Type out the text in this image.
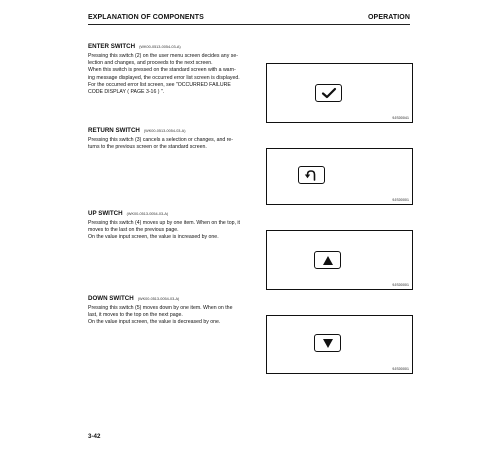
EXPLANATION OF COMPONENTS	OPERATION
ENTER SWITCH (WK00-0513-0054-03-A)
Pressing this switch (2) on the user menu screen decides any se-
lection and changes, and proceeds to the next screen.
When this switch is pressed on the standard screen with a warn-
ing message displayed, the occurred error list screen is displayed.
For the occurred error list screen, see "OCCURRED FAILURE
CODE DISPLAY ( PAGE 3-16 ) ".
9JS00041
RETURN SWITCH (WK00-0513-0054-03-A)
Pressing this switch (3) cancels a selection or changes, and re-
turns to the previous screen or the standard screen.
9JS00001
UP SWITCH (WK00-0513-0054-03-A)
Pressing this switch (4) moves up by one item. When on the top, it
moves to the last on the previous page.
On the value input screen, the value is increased by one.
9JS00001
DOWN SWITCH (WK00-0513-0054-03-A)
Pressing this switch (5) moves down by one item. When on the
last, it moves to the top on the next page.
On the value input screen, the value is decreased by one.
9JS00001
3-42
